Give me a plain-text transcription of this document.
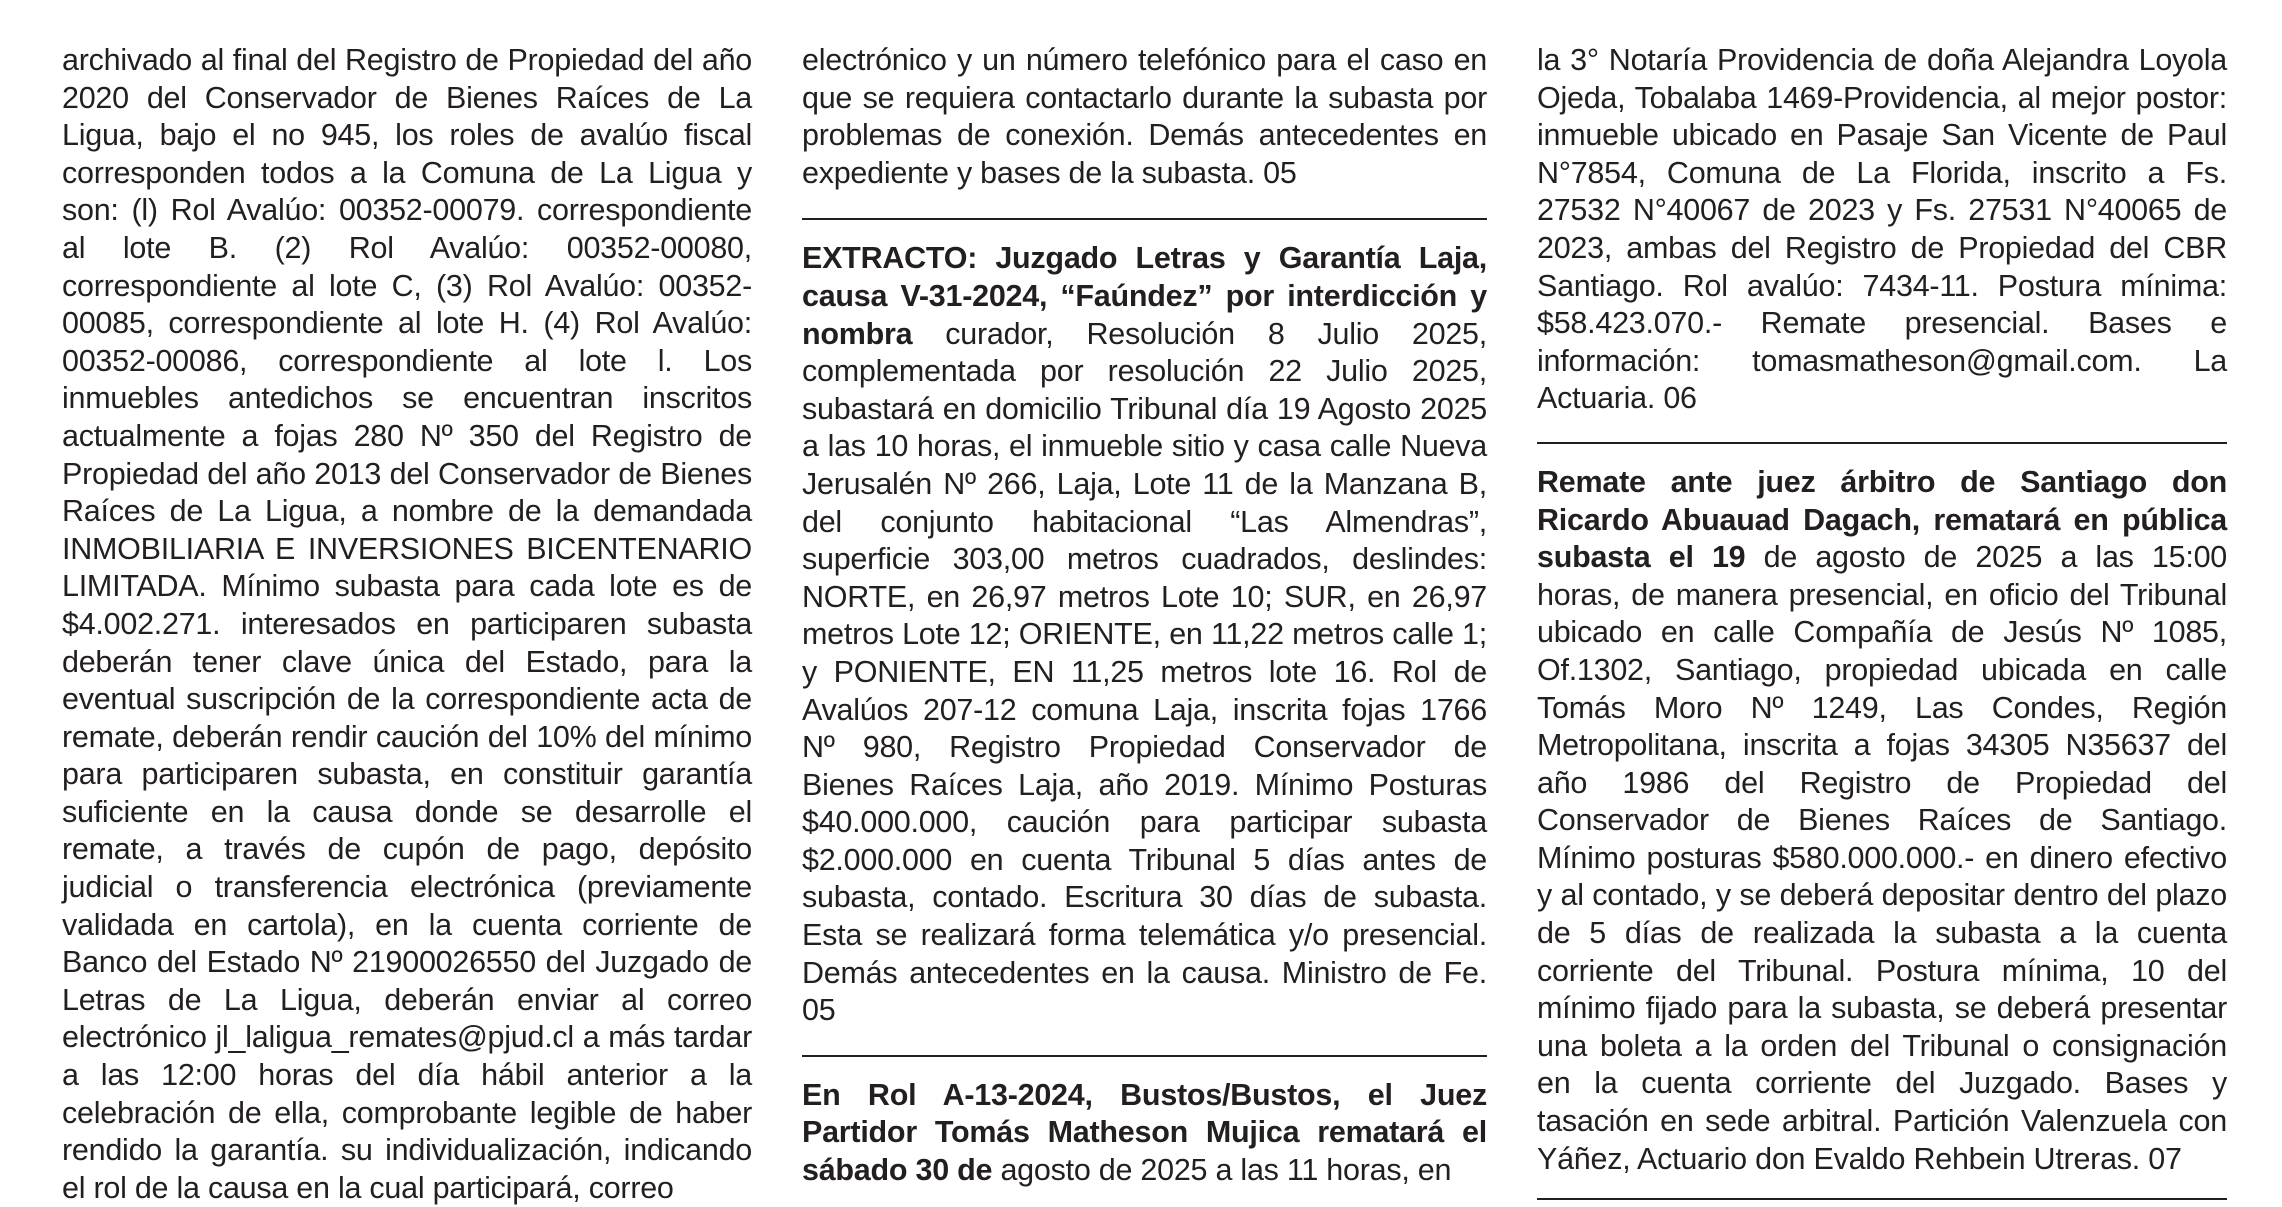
archivado al final del Registro de Propiedad del año 2020 del Conservador de Bienes Raíces de La Ligua, bajo el no 945, los roles de avalúo fiscal corresponden todos a la Comuna de La Ligua y son: (l) Rol Avalúo: 00352-00079. correspondiente al lote B. (2) Rol Avalúo: 00352-00080, correspondiente al lote C, (3) Rol Avalúo: 00352-00085, correspondiente al lote H. (4) Rol Avalúo: 00352-00086, correspondiente al lote l. Los inmuebles antedichos se encuentran inscritos actualmente a fojas 280 Nº 350 del Registro de Propiedad del año 2013 del Conservador de Bienes Raíces de La Ligua, a nombre de la demandada INMOBILIARIA E INVERSIONES BICENTENARIO LIMITADA. Mínimo subasta para cada lote es de $4.002.271. interesados en participaren subasta deberán tener clave única del Estado, para la eventual suscripción de la correspondiente acta de remate, deberán rendir caución del 10% del mínimo para participaren subasta, en constituir garantía suficiente en la causa donde se desarrolle el remate, a través de cupón de pago, depósito judicial o transferencia electrónica (previamente validada en cartola), en la cuenta corriente de Banco del Estado Nº 21900026550 del Juzgado de Letras de La Ligua, deberán enviar al correo electrónico jl_laligua_remates@pjud.cl a más tardar a las 12:00 horas del día hábil anterior a la celebración de ella, comprobante legible de haber rendido la garantía. su individualización, indicando el rol de la causa en la cual participará, correo

electrónico y un número telefónico para el caso en que se requiera contactarlo durante la subasta por problemas de conexión. Demás antecedentes en expediente y bases de la subasta. 05

EXTRACTO: Juzgado Letras y Garantía Laja, causa V-31-2024, “Faúndez” por interdicción y nombra curador, Resolución 8 Julio 2025, complementada por resolución 22 Julio 2025, subastará en domicilio Tribunal día 19 Agosto 2025 a las 10 horas, el inmueble sitio y casa calle Nueva Jerusalén Nº 266, Laja, Lote 11 de la Manzana B, del conjunto habitacional “Las Almendras”, superficie 303,00 metros cuadrados, deslindes: NORTE, en 26,97 metros Lote 10; SUR, en 26,97 metros Lote 12; ORIENTE, en 11,22 metros calle 1; y PONIENTE, EN 11,25 metros lote 16. Rol de Avalúos 207-12 comuna Laja, inscrita fojas 1766 Nº 980, Registro Propiedad Conservador de Bienes Raíces Laja, año 2019. Mínimo Posturas $40.000.000, caución para participar subasta $2.000.000 en cuenta Tribunal 5 días antes de subasta, contado. Escritura 30 días de subasta. Esta se realizará forma telemática y/o presencial. Demás antecedentes en la causa. Ministro de Fe. 05

En Rol A-13-2024, Bustos/Bustos, el Juez Partidor Tomás Matheson Mujica rematará el sábado 30 de agosto de 2025 a las 11 horas, en

la 3° Notaría Providencia de doña Alejandra Loyola Ojeda, Tobalaba 1469-Providencia, al mejor postor: inmueble ubicado en Pasaje San Vicente de Paul N°7854, Comuna de La Florida, inscrito a Fs. 27532 N°40067 de 2023 y Fs. 27531 N°40065 de 2023, ambas del Registro de Propiedad del CBR Santiago. Rol avalúo: 7434-11. Postura mínima: $58.423.070.- Remate presencial. Bases e información: tomasmatheson@gmail.com. La Actuaria. 06

Remate ante juez árbitro de Santiago don Ricardo Abuauad Dagach, rematará en pública subasta el 19 de agosto de 2025 a las 15:00 horas, de manera presencial, en oficio del Tribunal ubicado en calle Compañía de Jesús Nº 1085, Of.1302, Santiago, propiedad ubicada en calle Tomás Moro Nº 1249, Las Condes, Región Metropolitana, inscrita a fojas 34305 N35637 del año 1986 del Registro de Propiedad del Conservador de Bienes Raíces de Santiago. Mínimo posturas $580.000.000.- en dinero efectivo y al contado, y se deberá depositar dentro del plazo de 5 días de realizada la subasta a la cuenta corriente del Tribunal. Postura mínima, 10 del mínimo fijado para la subasta, se deberá presentar una boleta a la orden del Tribunal o consignación en la cuenta corriente del Juzgado. Bases y tasación en sede arbitral. Partición Valenzuela con Yáñez, Actuario don Evaldo Rehbein Utreras. 07
